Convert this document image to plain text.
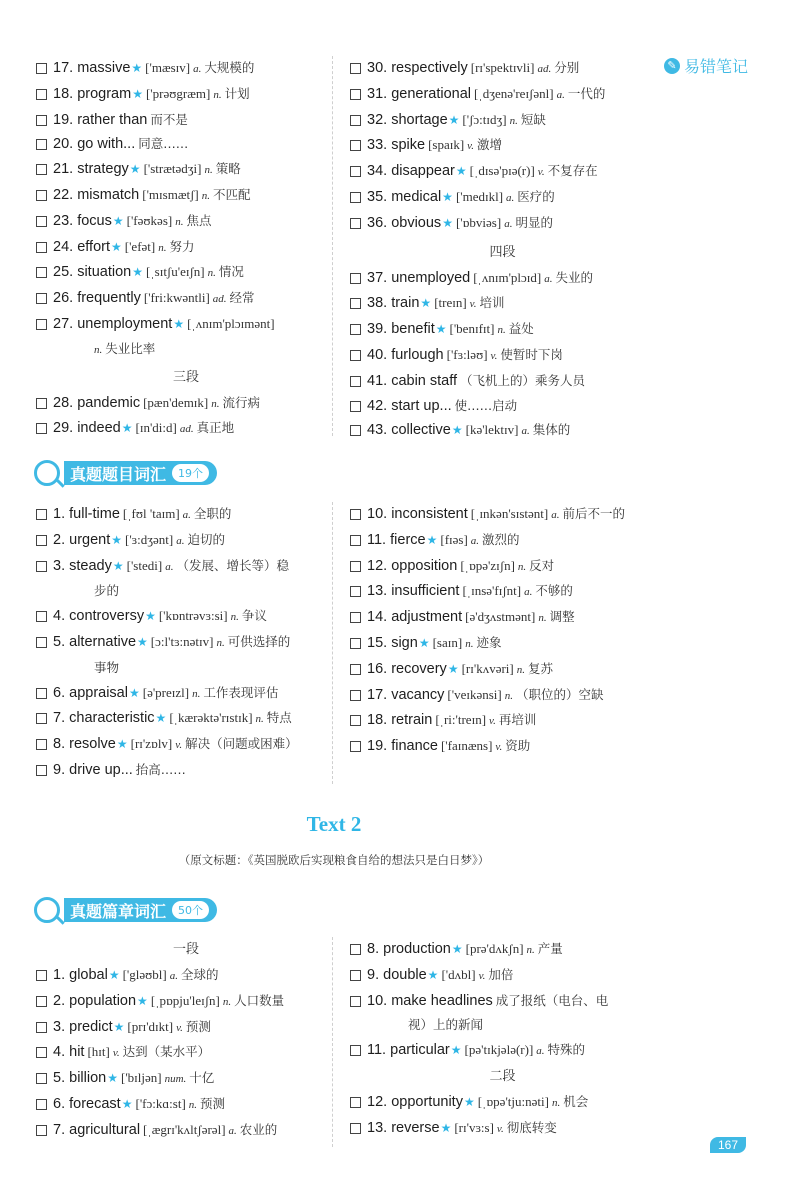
✎ 易错笔记
17. massive★ ['mæsɪv] a. 大规模的
18. program★ ['prəʊgræm] n. 计划
19. rather than 而不是
20. go with... 同意……
21. strategy★ ['strætədʒi] n. 策略
22. mismatch ['mɪsmætʃ] n. 不匹配
23. focus★ ['fəʊkəs] n. 焦点
24. effort★ ['efət] n. 努力
25. situation★ [ˌsɪtʃu'eɪʃn] n. 情况
26. frequently ['fri:kwəntli] ad. 经常
27. unemployment★ [ˌʌnɪm'plɔɪmənt]
n. 失业比率
三段
28. pandemic [pæn'demɪk] n. 流行病
29. indeed★ [ɪn'di:d] ad. 真正地
30. respectively [rɪ'spektɪvli] ad. 分别
31. generational [ˌdʒenə'reɪʃənl] a. 一代的
32. shortage★ ['ʃɔ:tɪdʒ] n. 短缺
33. spike [spaɪk] v. 激增
34. disappear★ [ˌdɪsə'pɪə(r)] v. 不复存在
35. medical★ ['medɪkl] a. 医疗的
36. obvious★ ['ɒbviəs] a. 明显的
四段
37. unemployed [ˌʌnɪm'plɔɪd] a. 失业的
38. train★ [treɪn] v. 培训
39. benefit★ ['benɪfɪt] n. 益处
40. furlough ['fɜ:ləʊ] v. 使暂时下岗
41. cabin staff （飞机上的）乘务人员
42. start up... 使……启动
43. collective★ [kə'lektɪv] a. 集体的
真题题目词汇	19个
1. full-time [ˌfʊl 'taɪm] a. 全职的
2. urgent★ ['ɜ:dʒənt] a. 迫切的
3. steady★ ['stedi] a. （发展、增长等）稳
步的
4. controversy★ ['kɒntrəvɜ:si] n. 争议
5. alternative★ [ɔ:l'tɜ:nətɪv] n. 可供选择的
事物
6. appraisal★ [ə'preɪzl] n. 工作表现评估
7. characteristic★ [ˌkærəktə'rɪstɪk] n. 特点
8. resolve★ [rɪ'zɒlv] v. 解决（问题或困难）
9. drive up... 抬高……
10. inconsistent [ˌɪnkən'sɪstənt] a. 前后不一的
11. fierce★ [fɪəs] a. 激烈的
12. opposition [ˌɒpə'zɪʃn] n. 反对
13. insufficient [ˌɪnsə'fɪʃnt] a. 不够的
14. adjustment [ə'dʒʌstmənt] n. 调整
15. sign★ [saɪn] n. 迹象
16. recovery★ [rɪ'kʌvəri] n. 复苏
17. vacancy ['veɪkənsi] n. （职位的）空缺
18. retrain [ˌri:'treɪn] v. 再培训
19. finance ['faɪnæns] v. 资助
Text 2
（原文标题：《英国脱欧后实现粮食自给的想法只是白日梦》）
真题篇章词汇	50个
一段
1. global★ ['gləʊbl] a. 全球的
2. population★ [ˌpɒpju'leɪʃn] n. 人口数量
3. predict★ [prɪ'dɪkt] v. 预测
4. hit [hɪt] v. 达到（某水平）
5. billion★ ['bɪljən] num. 十亿
6. forecast★ ['fɔ:kɑ:st] n. 预测
7. agricultural [ˌægrɪ'kʌltʃərəl] a. 农业的
8. production★ [prə'dʌkʃn] n. 产量
9. double★ ['dʌbl] v. 加倍
10. make headlines 成了报纸（电台、电
视）上的新闻
11. particular★ [pə'tɪkjələ(r)] a. 特殊的
二段
12. opportunity★ [ˌɒpə'tju:nəti] n. 机会
13. reverse★ [rɪ'vɜ:s] v. 彻底转变
167
